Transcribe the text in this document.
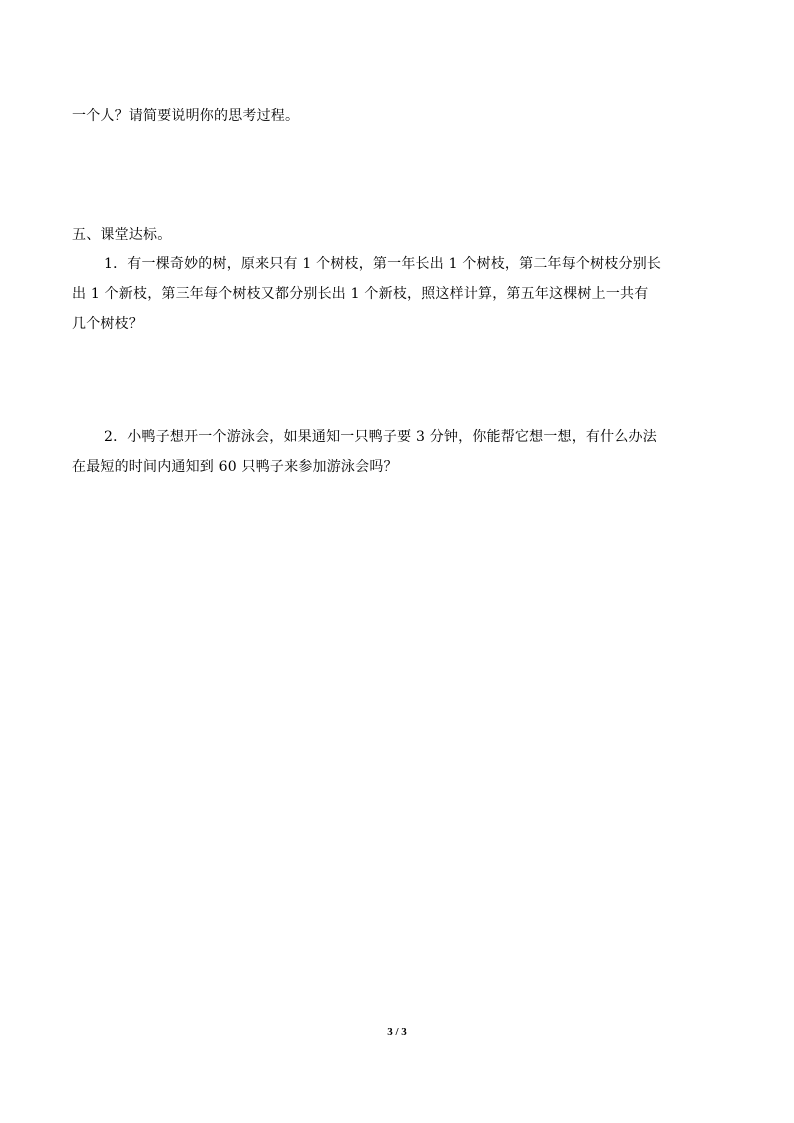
一个人？请简要说明你的思考过程。
五、课堂达标。
1．有一棵奇妙的树，原来只有 1 个树枝，第一年长出 1 个树枝，第二年每个树枝分别长
出 1 个新枝，第三年每个树枝又都分别长出 1 个新枝，照这样计算，第五年这棵树上一共有
几个树枝？
2．小鸭子想开一个游泳会，如果通知一只鸭子要 3 分钟，你能帮它想一想，有什么办法
在最短的时间内通知到 60 只鸭子来参加游泳会吗？
3 / 3
